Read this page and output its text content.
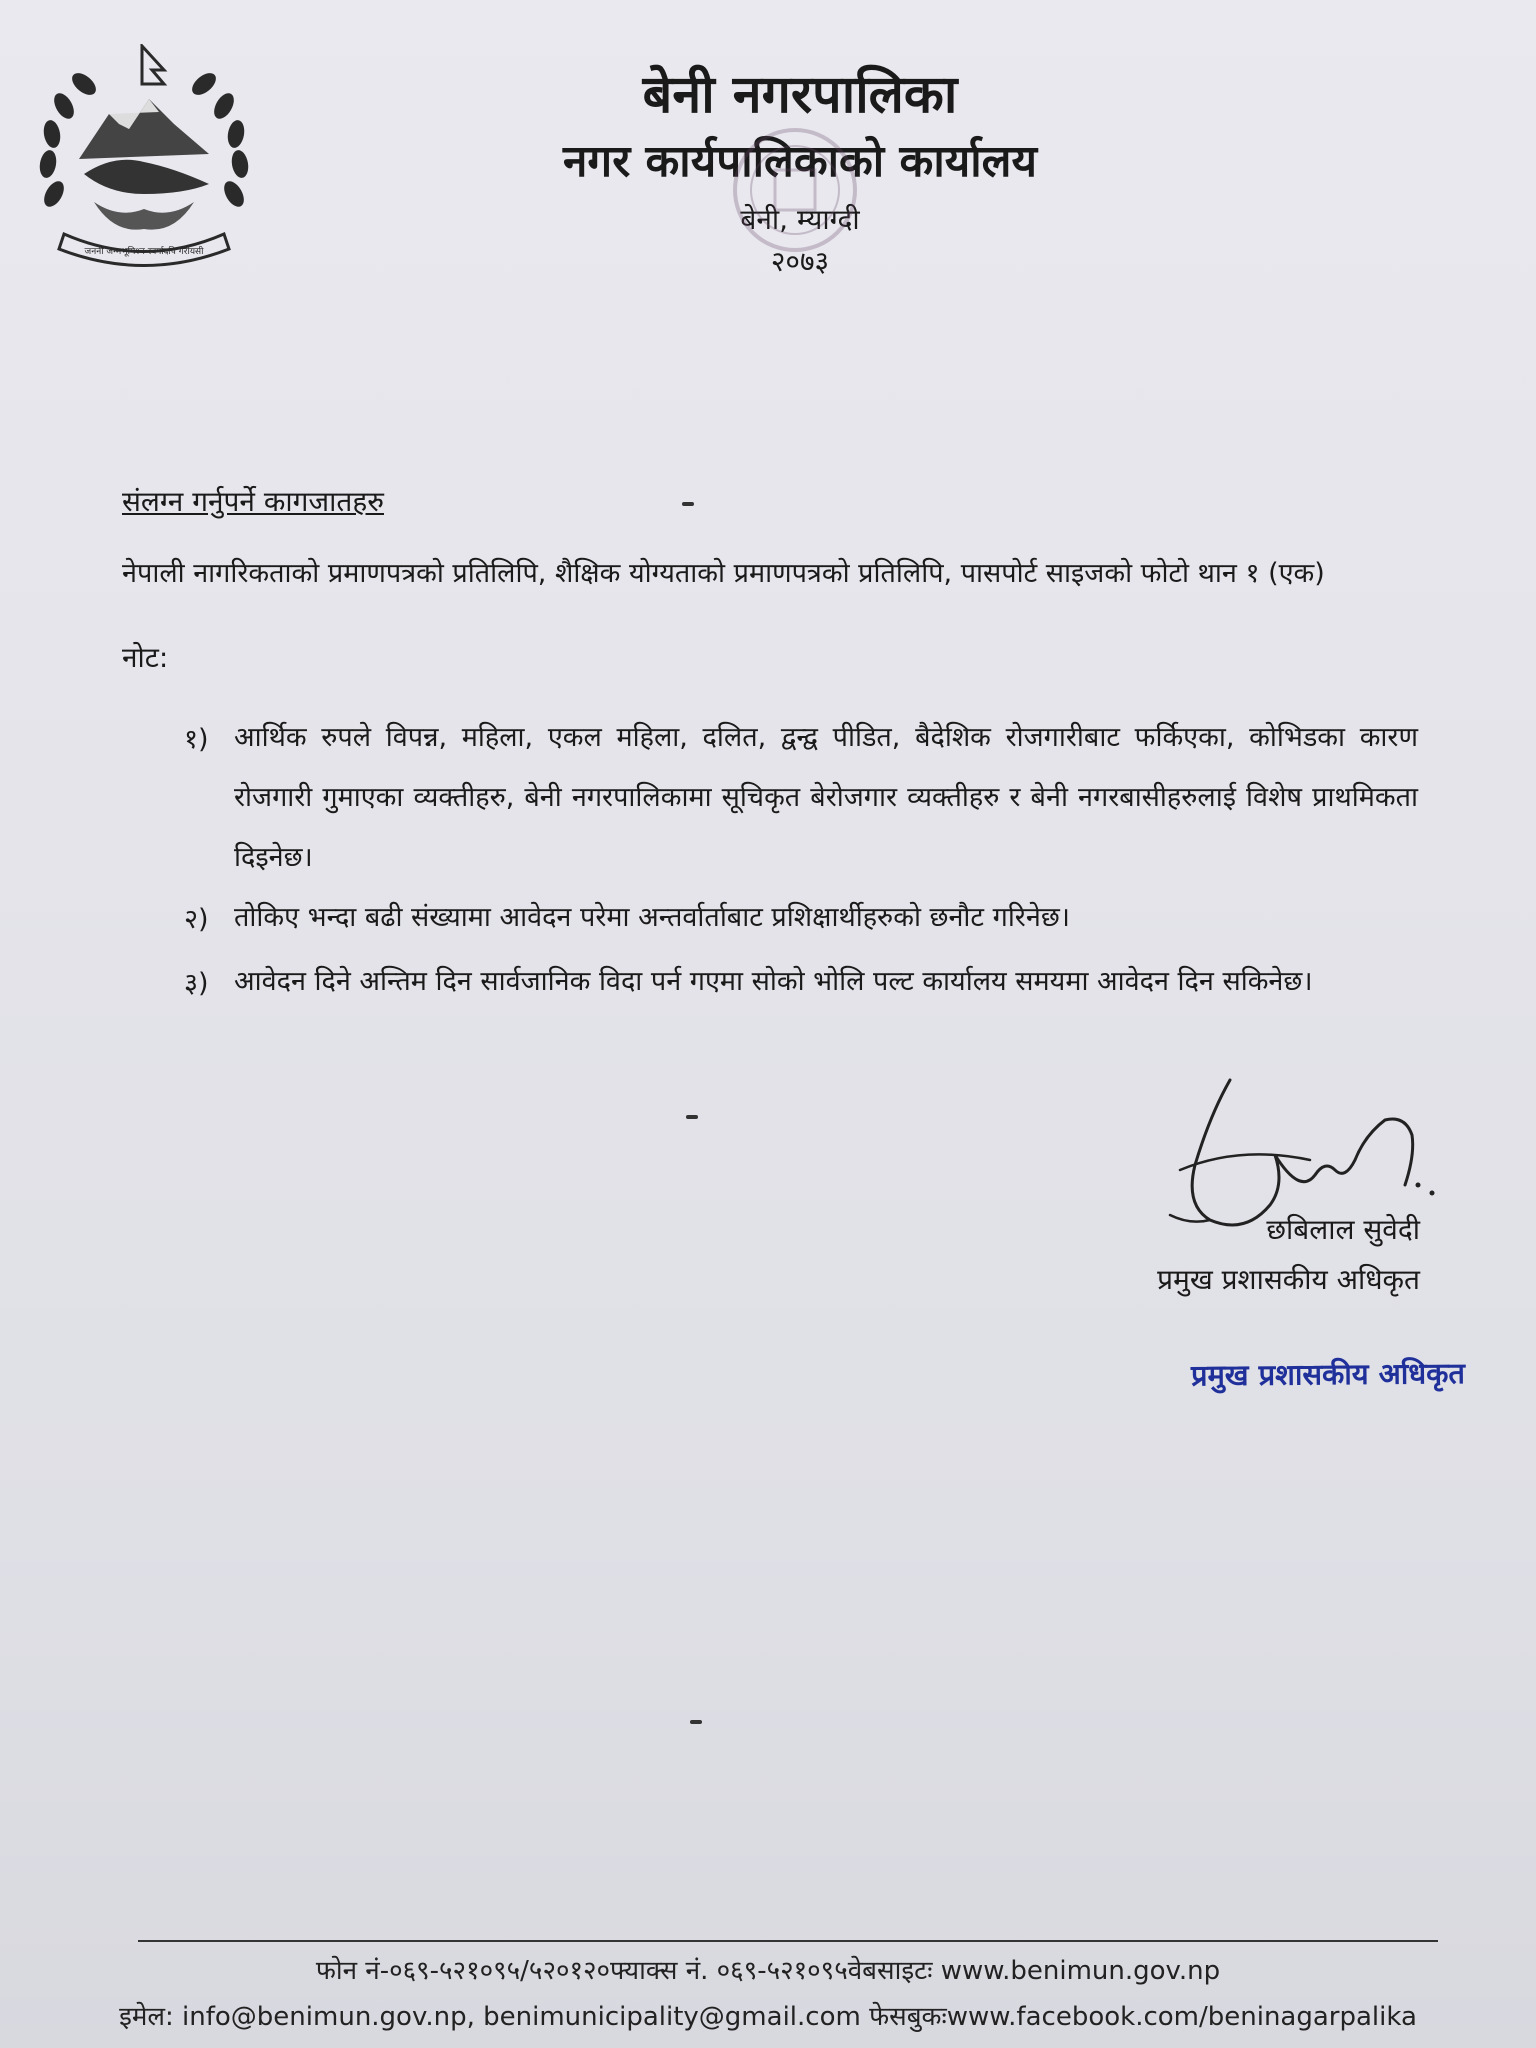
जननी जन्मभूमिश्च स्वर्गादपि गरीयसी
बेनी नगरपालिका
नगर कार्यपालिकाको कार्यालय
बेनी, म्याग्दी
२०७३
संलग्न गर्नुपर्ने कागजातहरु
नेपाली नागरिकताको प्रमाणपत्रको प्रतिलिपि, शैक्षिक योग्यताको प्रमाणपत्रको प्रतिलिपि, पासपोर्ट साइजको फोटो थान १ (एक)
नोट:
१) आर्थिक रुपले विपन्न, महिला, एकल महिला, दलित, द्वन्द्व पीडित, बैदेशिक रोजगारीबाट फर्किएका, कोभिडका कारण रोजगारी गुमाएका व्यक्तीहरु, बेनी नगरपालिकामा सूचिकृत बेरोजगार व्यक्तीहरु र बेनी नगरबासीहरुलाई विशेष प्राथमिकता दिइनेछ।
२) तोकिए भन्दा बढी संख्यामा आवेदन परेमा अन्तर्वार्ताबाट प्रशिक्षार्थीहरुको छनौट गरिनेछ।
३) आवेदन दिने अन्तिम दिन सार्वजानिक विदा पर्न गएमा सोको भोलि पल्ट कार्यालय समयमा आवेदन दिन सकिनेछ।
छबिलाल सुवेदी
प्रमुख प्रशासकीय अधिकृत
प्रमुख प्रशासकीय अधिकृत
फोन नं-०६९-५२१०९५/५२०१२०फ्याक्स नं. ०६९-५२१०९५वेबसाइटः www.benimun.gov.np
इमेल: info@benimun.gov.np, benimunicipality@gmail.com फेसबुकःwww.facebook.com/beninagarpalika
